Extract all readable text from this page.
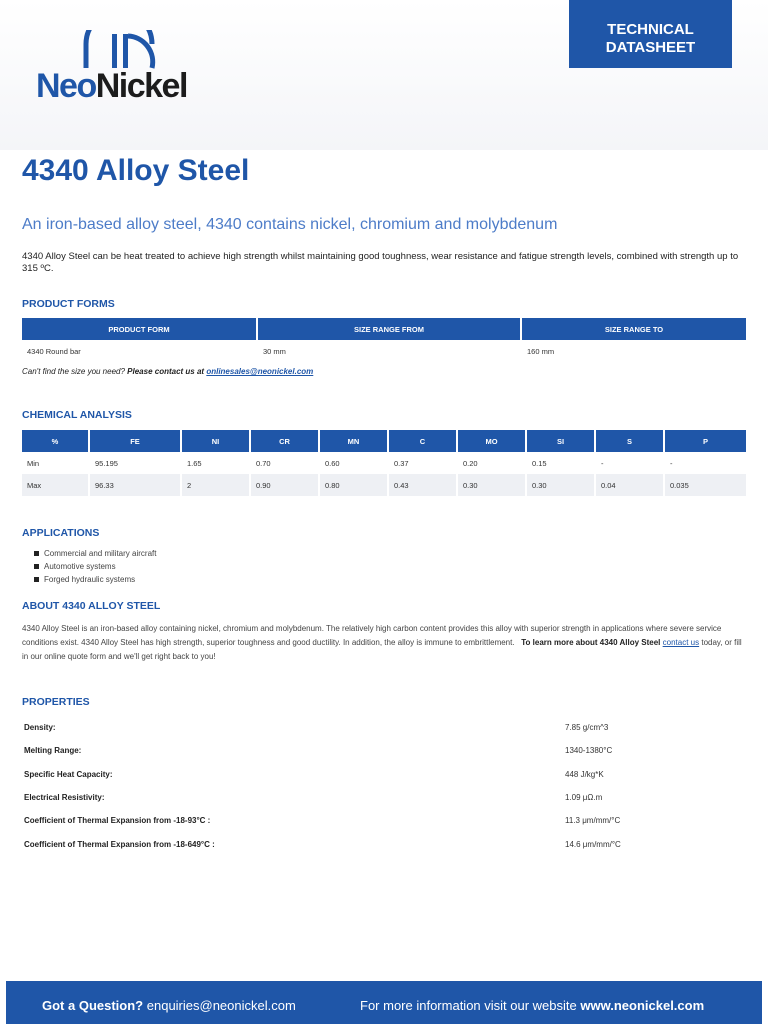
NeoNickel
TECHNICAL
DATASHEET
4340 Alloy Steel
An iron-based alloy steel, 4340 contains nickel, chromium and molybdenum

4340 Alloy Steel can be heat treated to achieve high strength whilst maintaining good toughness, wear resistance and fatigue strength levels, combined with strength up to 315 ºC.

PRODUCT FORMS
PRODUCT FORM	SIZE RANGE FROM	SIZE RANGE TO
4340 Round bar	30 mm	160 mm
Can't find the size you need? Please contact us at onlinesales@neonickel.com
CHEMICAL ANALYSIS
%	FE	NI	CR	MN	C	MO	SI	S	P
Min	95.195	1.65	0.70	0.60	0.37	0.20	0.15	-	-
Max	96.33	2	0.90	0.80	0.43	0.30	0.30	0.04	0.035
APPLICATIONS
Commercial and military aircraft
Automotive systems
Forged hydraulic systems
ABOUT 4340 ALLOY STEEL

4340 Alloy Steel is an iron-based alloy containing nickel, chromium and molybdenum. The relatively high carbon content provides this alloy with superior strength in applications where severe service conditions exist. 4340 Alloy Steel has high strength, superior toughness and good ductility. In addition, the alloy is immune to embrittlement. To learn more about 4340 Alloy Steel contact us today, or fill in our online quote form and we'll get right back to you!

PROPERTIES
Density:	7.85 g/cm^3
Melting Range:	1340-1380°C
Specific Heat Capacity:	448 J/kg*K
Electrical Resistivity:	1.09 μΩ.m
Coefficient of Thermal Expansion from -18-93°C :	11.3 μm/mm/°C
Coefficient of Thermal Expansion from -18-649°C :	14.6 μm/mm/°C
Got a Question? enquiries@neonickel.com	For more information visit our website www.neonickel.com
